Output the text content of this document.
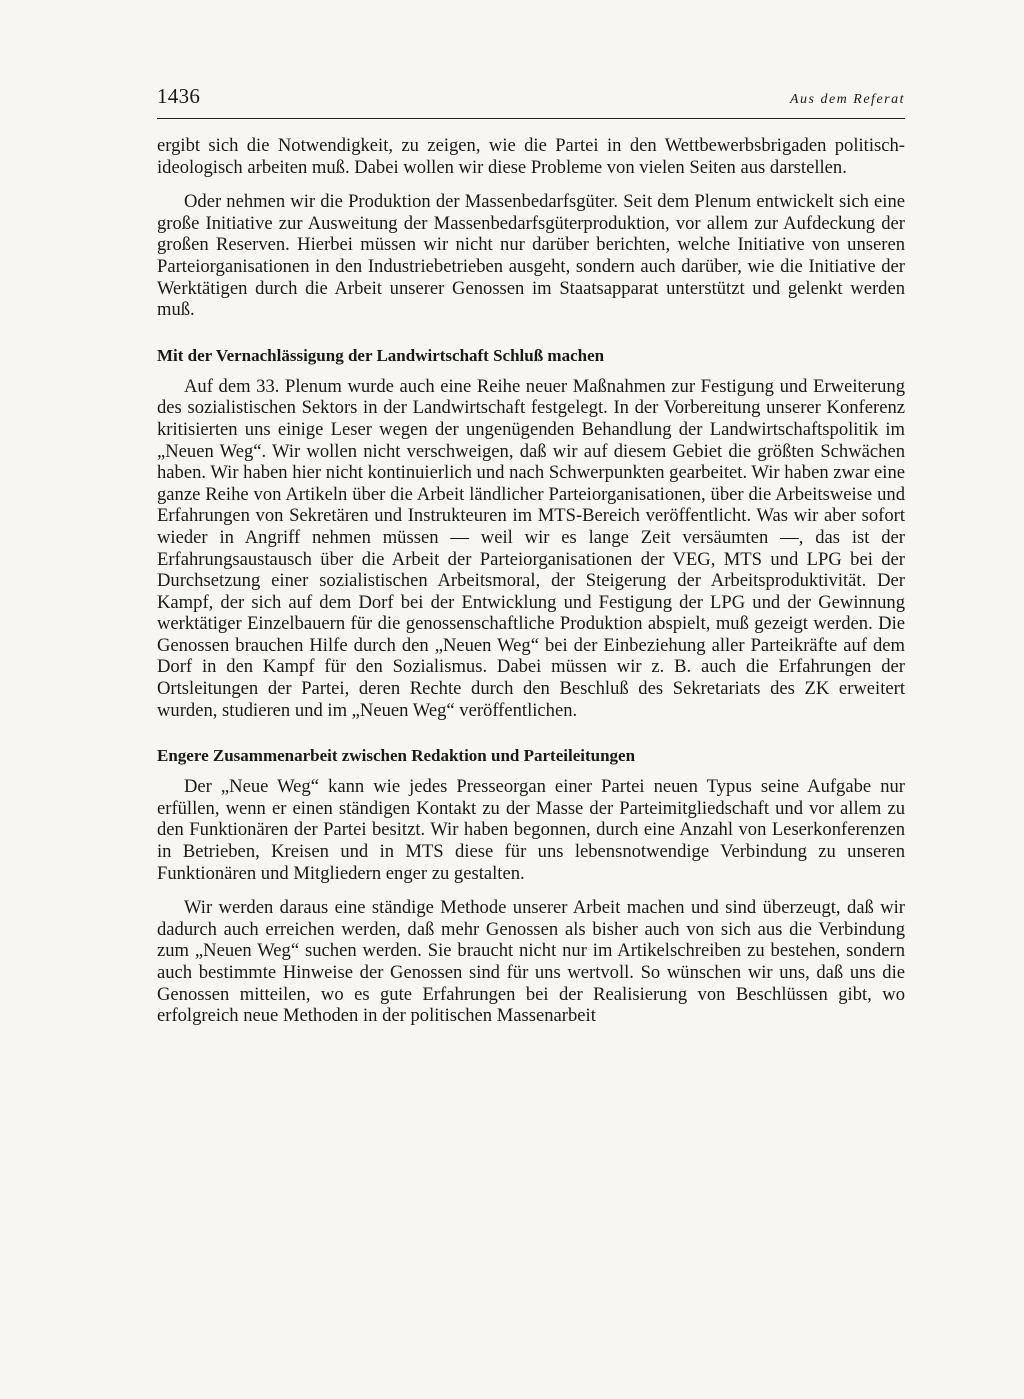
1436	Aus dem Referat

ergibt sich die Notwendigkeit, zu zeigen, wie die Partei in den Wettbewerbsbrigaden politisch-ideologisch arbeiten muß. Dabei wollen wir diese Probleme von vielen Seiten aus darstellen.

Oder nehmen wir die Produktion der Massenbedarfsgüter. Seit dem Plenum entwickelt sich eine große Initiative zur Ausweitung der Massenbedarfsgüterproduktion, vor allem zur Aufdeckung der großen Reserven. Hierbei müssen wir nicht nur darüber berichten, welche Initiative von unseren Parteiorganisationen in den Industriebetrieben ausgeht, sondern auch darüber, wie die Initiative der Werktätigen durch die Arbeit unserer Genossen im Staatsapparat unterstützt und gelenkt werden muß.

Mit der Vernachlässigung der Landwirtschaft Schluß machen

Auf dem 33. Plenum wurde auch eine Reihe neuer Maßnahmen zur Festigung und Erweiterung des sozialistischen Sektors in der Landwirtschaft festgelegt. In der Vorbereitung unserer Konferenz kritisierten uns einige Leser wegen der ungenügenden Behandlung der Landwirtschaftspolitik im „Neuen Weg“. Wir wollen nicht verschweigen, daß wir auf diesem Gebiet die größten Schwächen haben. Wir haben hier nicht kontinuierlich und nach Schwerpunkten gearbeitet. Wir haben zwar eine ganze Reihe von Artikeln über die Arbeit ländlicher Parteiorganisationen, über die Arbeitsweise und Erfahrungen von Sekretären und Instrukteuren im MTS-Bereich veröffentlicht. Was wir aber sofort wieder in Angriff nehmen müssen — weil wir es lange Zeit versäumten —, das ist der Erfahrungsaustausch über die Arbeit der Parteiorganisationen der VEG, MTS und LPG bei der Durchsetzung einer sozialistischen Arbeitsmoral, der Steigerung der Arbeitsproduktivität. Der Kampf, der sich auf dem Dorf bei der Entwicklung und Festigung der LPG und der Gewinnung werktätiger Einzelbauern für die genossenschaftliche Produktion abspielt, muß gezeigt werden. Die Genossen brauchen Hilfe durch den „Neuen Weg“ bei der Einbeziehung aller Parteikräfte auf dem Dorf in den Kampf für den Sozialismus. Dabei müssen wir z. B. auch die Erfahrungen der Ortsleitungen der Partei, deren Rechte durch den Beschluß des Sekretariats des ZK erweitert wurden, studieren und im „Neuen Weg“ veröffentlichen.

Engere Zusammenarbeit zwischen Redaktion und Parteileitungen

Der „Neue Weg“ kann wie jedes Presseorgan einer Partei neuen Typus seine Aufgabe nur erfüllen, wenn er einen ständigen Kontakt zu der Masse der Parteimitgliedschaft und vor allem zu den Funktionären der Partei besitzt. Wir haben begonnen, durch eine Anzahl von Leserkonferenzen in Betrieben, Kreisen und in MTS diese für uns lebensnotwendige Verbindung zu unseren Funktionären und Mitgliedern enger zu gestalten.

Wir werden daraus eine ständige Methode unserer Arbeit machen und sind überzeugt, daß wir dadurch auch erreichen werden, daß mehr Genossen als bisher auch von sich aus die Verbindung zum „Neuen Weg“ suchen werden. Sie braucht nicht nur im Artikelschreiben zu bestehen, sondern auch bestimmte Hinweise der Genossen sind für uns wertvoll. So wünschen wir uns, daß uns die Genossen mitteilen, wo es gute Erfahrungen bei der Realisierung von Beschlüssen gibt, wo erfolgreich neue Methoden in der politischen Massenarbeit
